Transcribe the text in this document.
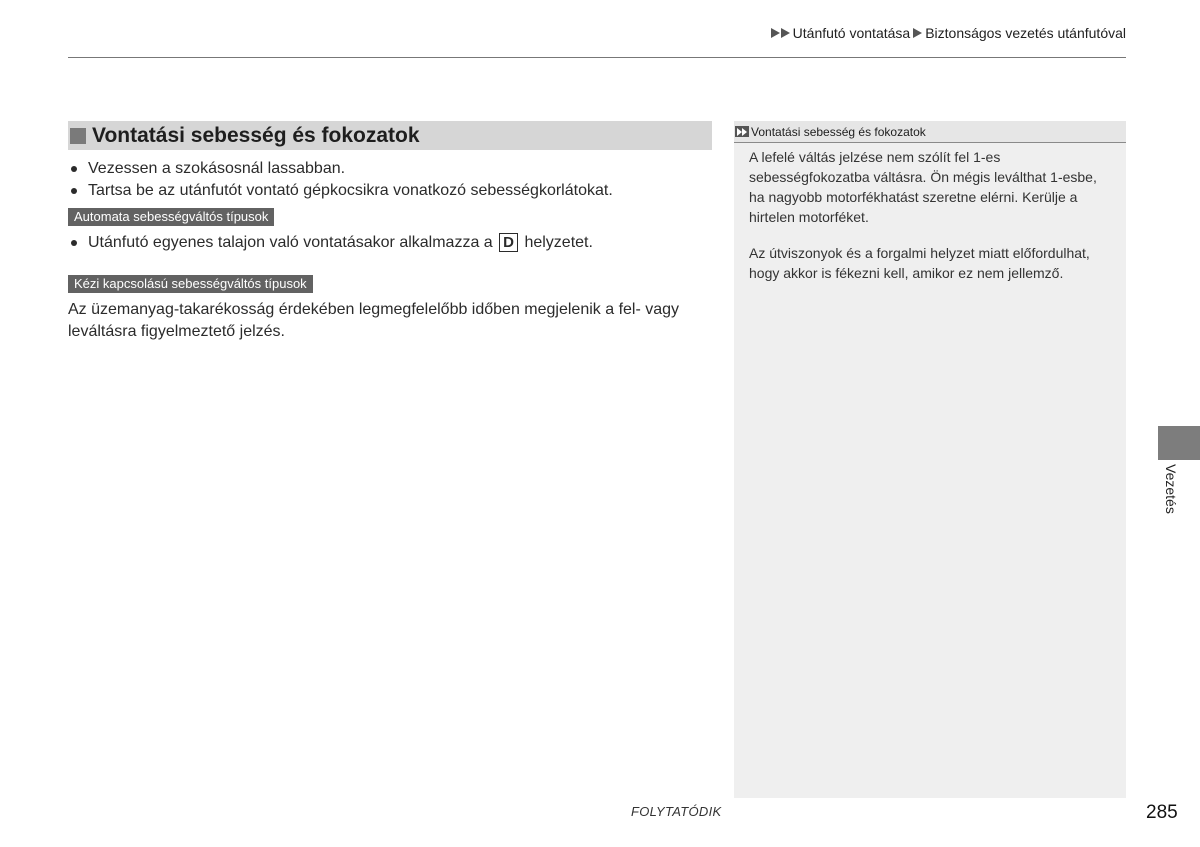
Utánfutó vontatása Biztonságos vezetés utánfutóval
Vontatási sebesség és fokozatok
Vezessen a szokásosnál lassabban.
Tartsa be az utánfutót vontató gépkocsikra vonatkozó sebességkorlátokat.
Automata sebességváltós típusok
Utánfutó egyenes talajon való vontatásakor alkalmazza a D helyzetet.
Kézi kapcsolású sebességváltós típusok

Az üzemanyag-takarékosság érdekében legmegfelelőbb időben megjelenik a fel- vagy leváltásra figyelmeztető jelzés.

Vontatási sebesség és fokozatok

A lefelé váltás jelzése nem szólít fel 1-es sebességfokozatba váltásra. Ön mégis leválthat 1-esbe, ha nagyobb motorfékhatást szeretne elérni. Kerülje a hirtelen motorféket.

Az útviszonyok és a forgalmi helyzet miatt előfordulhat, hogy akkor is fékezni kell, amikor ez nem jellemző.

Vezetés
FOLYTATÓDIK	285
